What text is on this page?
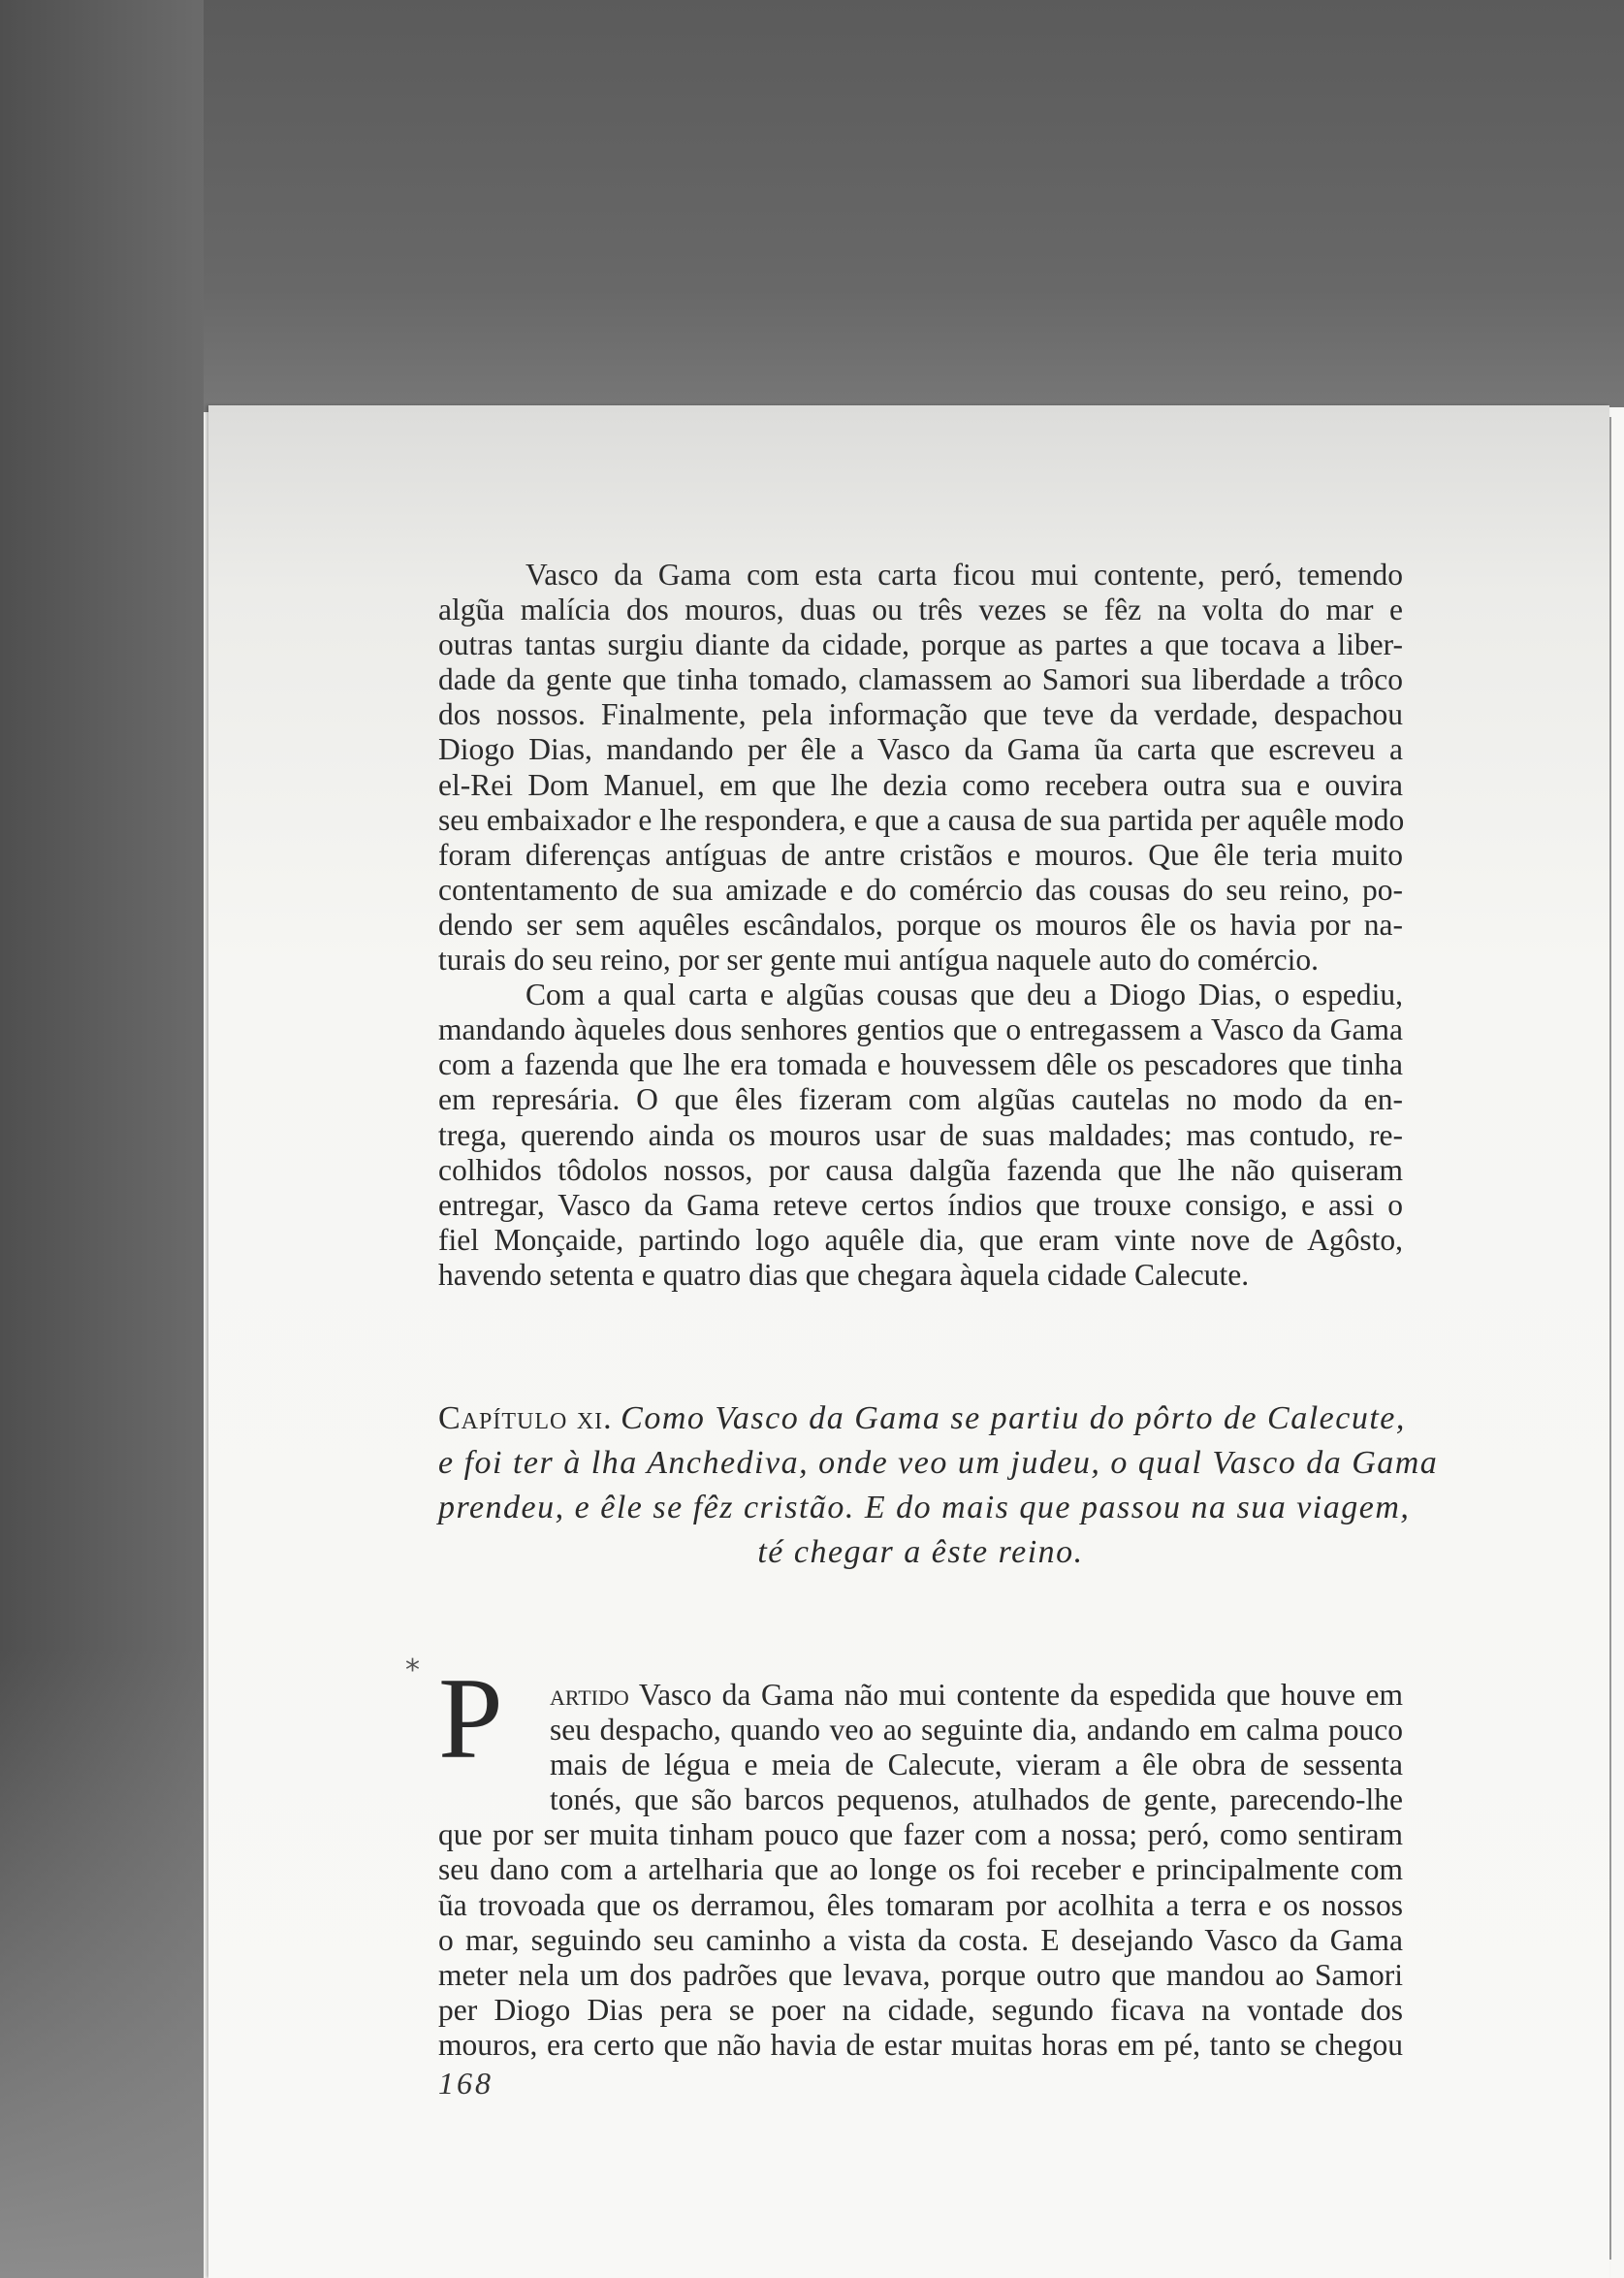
Vasco da Gama com esta carta ficou mui contente, peró, temendo
algũa malícia dos mouros, duas ou três vezes se fêz na volta do mar e
outras tantas surgiu diante da cidade, porque as partes a que tocava a liber-
dade da gente que tinha tomado, clamassem ao Samori sua liberdade a trôco
dos nossos. Finalmente, pela informação que teve da verdade, despachou
Diogo Dias, mandando per êle a Vasco da Gama ũa carta que escreveu a
el-Rei Dom Manuel, em que lhe dezia como recebera outra sua e ouvira
seu embaixador e lhe respondera, e que a causa de sua partida per aquêle modo
foram diferenças antíguas de antre cristãos e mouros. Que êle teria muito
contentamento de sua amizade e do comércio das cousas do seu reino, po-
dendo ser sem aquêles escândalos, porque os mouros êle os havia por na-
turais do seu reino, por ser gente mui antígua naquele auto do comércio.
Com a qual carta e algũas cousas que deu a Diogo Dias, o espediu,
mandando àqueles dous senhores gentios que o entregassem a Vasco da Gama
com a fazenda que lhe era tomada e houvessem dêle os pescadores que tinha
em represária. O que êles fizeram com algũas cautelas no modo da en-
trega, querendo ainda os mouros usar de suas maldades; mas contudo, re-
colhidos tôdolos nossos, por causa dalgũa fazenda que lhe não quiseram
entregar, Vasco da Gama reteve certos índios que trouxe consigo, e assi o
fiel Monçaide, partindo logo aquêle dia, que eram vinte nove de Agôsto,
havendo setenta e quatro dias que chegara àquela cidade Calecute.
Capítulo xi. Como Vasco da Gama se partiu do pôrto de Calecute,
e foi ter à lha Anchediva, onde veo um judeu, o qual Vasco da Gama
prendeu, e êle se fêz cristão. E do mais que passou na sua viagem,
té chegar a êste reino.
* P	artido Vasco da Gama não mui contente da espedida que houve em
seu despacho, quando veo ao seguinte dia, andando em calma pouco
mais de légua e meia de Calecute, vieram a êle obra de sessenta
tonés, que são barcos pequenos, atulhados de gente, parecendo-lhe
que por ser muita tinham pouco que fazer com a nossa; peró, como sentiram
seu dano com a artelharia que ao longe os foi receber e principalmente com
ũa trovoada que os derramou, êles tomaram por acolhita a terra e os nossos
o mar, seguindo seu caminho a vista da costa. E desejando Vasco da Gama
meter nela um dos padrões que levava, porque outro que mandou ao Samori
per Diogo Dias pera se poer na cidade, segundo ficava na vontade dos
mouros, era certo que não havia de estar muitas horas em pé, tanto se chegou
168
